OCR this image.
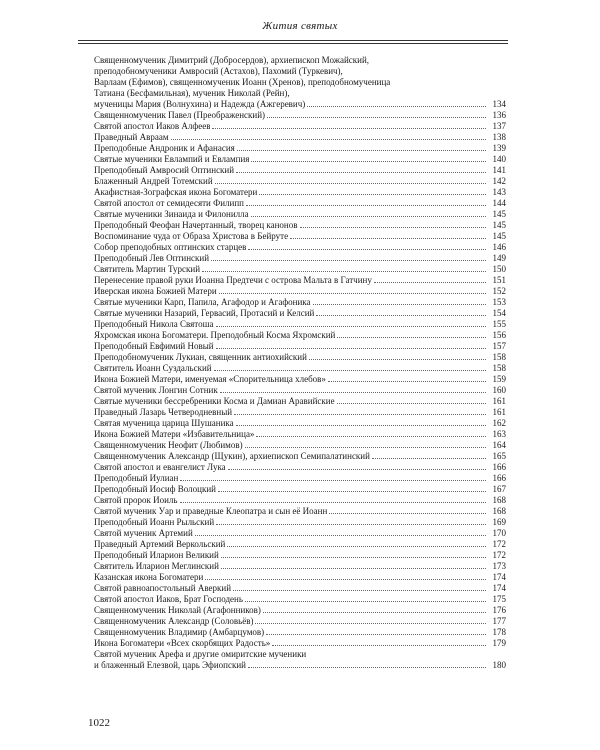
Жития святых
Священномученик Димитрий (Добросердов), архиепископ Можайский,
преподобномученики Амвросий (Астахов), Пахомий (Туркевич),
Варлаам (Ефимов), священномученик Иоанн (Хренов), преподобномученица
Татиана (Бесфамильная), мученик Николай (Рейн),
мученицы Мария (Волнухина) и Надежда (Ажгеревич)	134
Священномученик Павел (Преображенский)	136
Святой апостол Иаков Алфеев	137
Праведный Авраам	138
Преподобные Андроник и Афанасия	139
Святые мученики Евлампий и Евлампия	140
Преподобный Амвросий Оптинский	141
Блаженный Андрей Тотемский	142
Акафистная-Зографская икона Богоматери	143
Святой апостол от семидесяти Филипп	144
Святые мученики Зинаида и Филонилла	145
Преподобный Феофан Начертанный, творец канонов	145
Воспоминание чуда от Образа Христова в Бейруте	145
Собор преподобных оптинских старцев	146
Преподобный Лев Оптинский	149
Святитель Мартин Турский	150
Перенесение правой руки Иоанна Предтечи с острова Мальта в Гатчину	151
Иверская икона Божией Матери	152
Святые мученики Карп, Папила, Агафодор и Агафоника	153
Святые мученики Назарий, Гервасий, Протасий и Келсий	154
Преподобный Никола Святоша	155
Яхромская икона Богоматери. Преподобный Косма Яхромский	156
Преподобный Евфимий Новый	157
Преподобномученик Лукиан, священник антиохийский	158
Святитель Иоанн Суздальский	158
Икона Божией Матери, именуемая «Спорительница хлебов»	159
Святой мученик Лонгин Сотник	160
Святые мученики бессребреники Косма и Дамиан Аравийские	161
Праведный Лазарь Четверодневный	161
Святая мученица царица Шушаника	162
Икона Божией Матери «Избавительница»	163
Священномученик Неофит (Любимов)	164
Священномученик Александр (Щукин), архиепископ Семипалатинский	165
Святой апостол и евангелист Лука	166
Преподобный Иулиан	166
Преподобный Иосиф Волоцкий	167
Святой пророк Иоиль	168
Святой мученик Уар и праведные Клеопатра и сын её Иоанн	168
Преподобный Иоанн Рыльский	169
Святой мученик Артемий	170
Праведный Артемий Веркольский	172
Преподобный Иларион Великий	172
Святитель Иларион Меглинский	173
Казанская икона Богоматери	174
Святой равноапостольный Аверкий	174
Святой апостол Иаков, Брат Господень	175
Священномученик Николай (Агафонников)	176
Священномученик Александр (Соловьёв)	177
Священномученик Владимир (Амбарцумов)	178
Икона Богоматери «Всех скорбящих Радость»	179
Святой мученик Арефа и другие омиритские мученики
и блаженный Елезвой, царь Эфиопский	180
1022
